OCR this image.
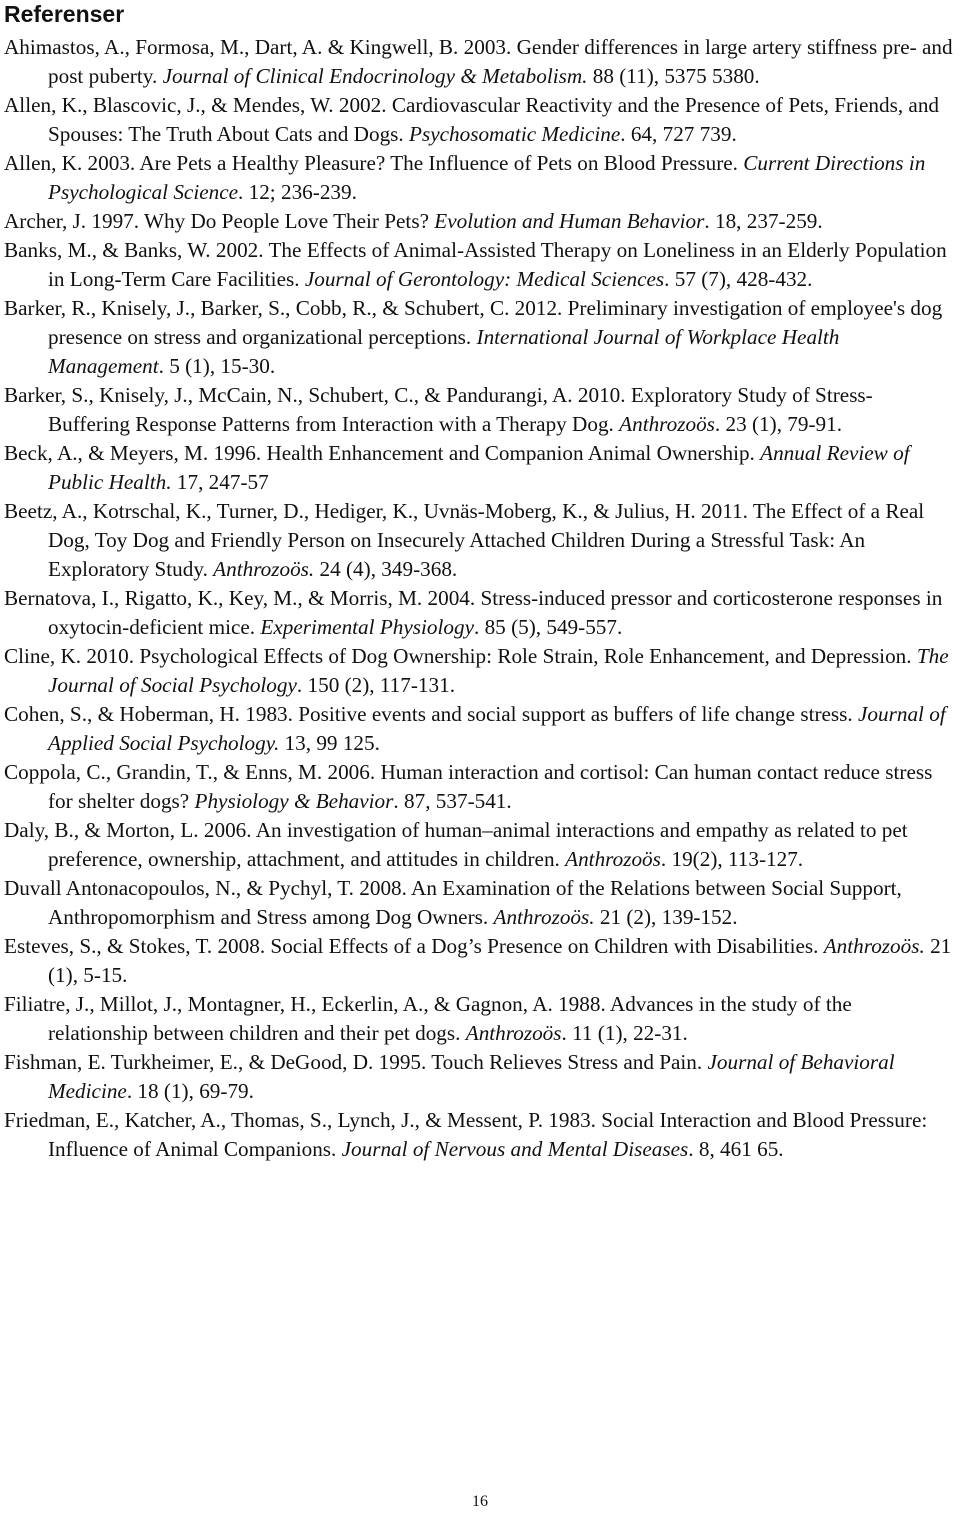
Referenser
Ahimastos, A., Formosa, M., Dart, A. & Kingwell, B. 2003. Gender differences in large artery stiffness pre- and post puberty. Journal of Clinical Endocrinology & Metabolism. 88 (11), 5375 5380.
Allen, K., Blascovic, J., & Mendes, W. 2002. Cardiovascular Reactivity and the Presence of Pets, Friends, and Spouses: The Truth About Cats and Dogs. Psychosomatic Medicine. 64, 727 739.
Allen, K. 2003. Are Pets a Healthy Pleasure? The Influence of Pets on Blood Pressure. Current Directions in Psychological Science. 12; 236-239.
Archer, J. 1997. Why Do People Love Their Pets? Evolution and Human Behavior. 18, 237-259.
Banks, M., & Banks, W. 2002. The Effects of Animal-Assisted Therapy on Loneliness in an Elderly Population in Long-Term Care Facilities. Journal of Gerontology: Medical Sciences. 57 (7), 428-432.
Barker, R., Knisely, J., Barker, S., Cobb, R., & Schubert, C. 2012. Preliminary investigation of employee's dog presence on stress and organizational perceptions. International Journal of Workplace Health Management. 5 (1), 15-30.
Barker, S., Knisely, J., McCain, N., Schubert, C., & Pandurangi, A. 2010. Exploratory Study of Stress- Buffering Response Patterns from Interaction with a Therapy Dog. Anthrozoös. 23 (1), 79-91.
Beck, A., & Meyers, M. 1996. Health Enhancement and Companion Animal Ownership. Annual Review of Public Health. 17, 247-57
Beetz, A., Kotrschal, K., Turner, D., Hediger, K., Uvnäs-Moberg, K., & Julius, H. 2011. The Effect of a Real Dog, Toy Dog and Friendly Person on Insecurely Attached Children During a Stressful Task: An Exploratory Study. Anthrozoös. 24 (4), 349-368.
Bernatova, I., Rigatto, K., Key, M., & Morris, M. 2004. Stress-induced pressor and corticosterone responses in oxytocin-deficient mice. Experimental Physiology. 85 (5), 549-557.
Cline, K. 2010. Psychological Effects of Dog Ownership: Role Strain, Role Enhancement, and Depression. The Journal of Social Psychology. 150 (2), 117-131.
Cohen, S., & Hoberman, H. 1983. Positive events and social support as buffers of life change stress. Journal of Applied Social Psychology. 13, 99 125.
Coppola, C., Grandin, T., & Enns, M. 2006. Human interaction and cortisol: Can human contact reduce stress for shelter dogs? Physiology & Behavior. 87, 537-541.
Daly, B., & Morton, L. 2006. An investigation of human–animal interactions and empathy as related to pet preference, ownership, attachment, and attitudes in children. Anthrozoös. 19(2), 113-127.
Duvall Antonacopoulos, N., & Pychyl, T. 2008. An Examination of the Relations between Social Support, Anthropomorphism and Stress among Dog Owners. Anthrozoös. 21 (2), 139-152.
Esteves, S., & Stokes, T. 2008. Social Effects of a Dog’s Presence on Children with Disabilities. Anthrozoös. 21 (1), 5-15.
Filiatre, J., Millot, J., Montagner, H., Eckerlin, A., & Gagnon, A. 1988. Advances in the study of the relationship between children and their pet dogs. Anthrozoös. 11 (1), 22-31.
Fishman, E. Turkheimer, E., & DeGood, D. 1995. Touch Relieves Stress and Pain. Journal of Behavioral Medicine. 18 (1), 69-79.
Friedman, E., Katcher, A., Thomas, S., Lynch, J., & Messent, P. 1983. Social Interaction and Blood Pressure: Influence of Animal Companions. Journal of Nervous and Mental Diseases. 8, 461 65.
16
